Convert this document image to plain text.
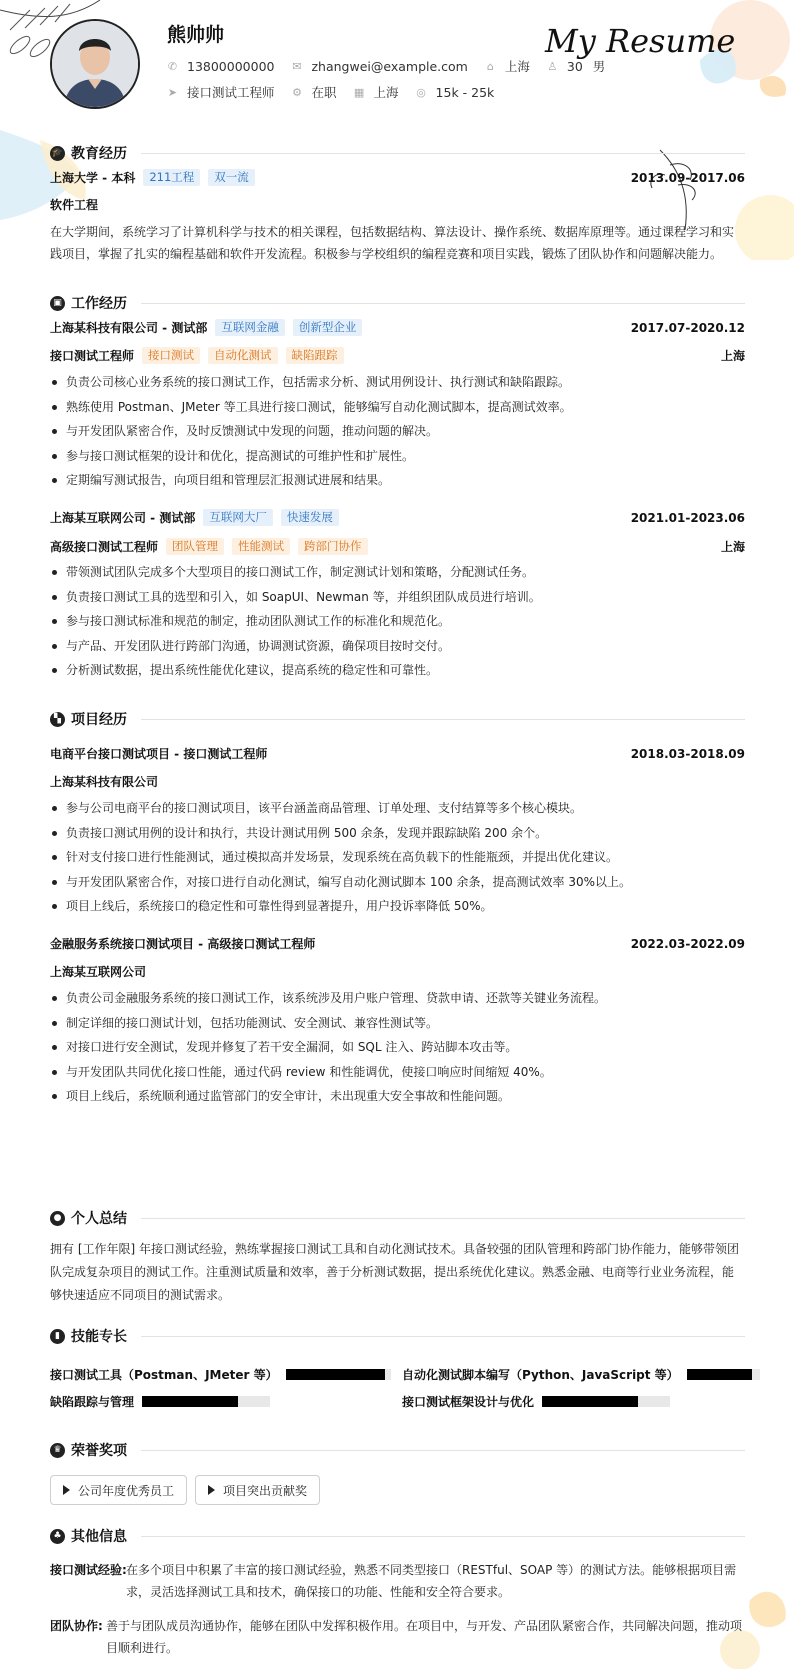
熊帅帅	My Resume
✆ 13800000000 ✉ zhangwei@example.com ⌂ 上海 ♙ 30 男
➤ 接口测试工程师 ⚙ 在职 ▦ 上海 ◎ 15k - 25k
🎓 教育经历
上海大学 - 本科	211工程	双一流	2013.09-2017.06
软件工程
在大学期间，系统学习了计算机科学与技术的相关课程，包括数据结构、算法设计、操作系统、数据库原理等。通过课程学习和实践项目，掌握了扎实的编程基础和软件开发流程。积极参与学校组织的编程竞赛和项目实践，锻炼了团队协作和问题解决能力。
▣ 工作经历
上海某科技有限公司 - 测试部	互联网金融	创新型企业	2017.07-2020.12
接口测试工程师	接口测试	自动化测试	缺陷跟踪	上海
负责公司核心业务系统的接口测试工作，包括需求分析、测试用例设计、执行测试和缺陷跟踪。
熟练使用 Postman、JMeter 等工具进行接口测试，能够编写自动化测试脚本，提高测试效率。
与开发团队紧密合作，及时反馈测试中发现的问题，推动问题的解决。
参与接口测试框架的设计和优化，提高测试的可维护性和扩展性。
定期编写测试报告，向项目组和管理层汇报测试进展和结果。
上海某互联网公司 - 测试部	互联网大厂	快速发展	2021.01-2023.06
高级接口测试工程师	团队管理	性能测试	跨部门协作	上海
带领测试团队完成多个大型项目的接口测试工作，制定测试计划和策略，分配测试任务。
负责接口测试工具的选型和引入，如 SoapUI、Newman 等，并组织团队成员进行培训。
参与接口测试标准和规范的制定，推动团队测试工作的标准化和规范化。
与产品、开发团队进行跨部门沟通，协调测试资源，确保项目按时交付。
分析测试数据，提出系统性能优化建议，提高系统的稳定性和可靠性。
▚ 项目经历
电商平台接口测试项目 - 接口测试工程师	2018.03-2018.09
上海某科技有限公司
参与公司电商平台的接口测试项目，该平台涵盖商品管理、订单处理、支付结算等多个核心模块。
负责接口测试用例的设计和执行，共设计测试用例 500 余条，发现并跟踪缺陷 200 余个。
针对支付接口进行性能测试，通过模拟高并发场景，发现系统在高负载下的性能瓶颈，并提出优化建议。
与开发团队紧密合作，对接口进行自动化测试，编写自动化测试脚本 100 余条，提高测试效率 30%以上。
项目上线后，系统接口的稳定性和可靠性得到显著提升，用户投诉率降低 50%。
金融服务系统接口测试项目 - 高级接口测试工程师	2022.03-2022.09
上海某互联网公司
负责公司金融服务系统的接口测试工作，该系统涉及用户账户管理、贷款申请、还款等关键业务流程。
制定详细的接口测试计划，包括功能测试、安全测试、兼容性测试等。
对接口进行安全测试，发现并修复了若干安全漏洞，如 SQL 注入、跨站脚本攻击等。
与开发团队共同优化接口性能，通过代码 review 和性能调优，使接口响应时间缩短 40%。
项目上线后，系统顺利通过监管部门的安全审计，未出现重大安全事故和性能问题。
● 个人总结
拥有 [工作年限] 年接口测试经验，熟练掌握接口测试工具和自动化测试技术。具备较强的团队管理和跨部门协作能力，能够带领团队完成复杂项目的测试工作。注重测试质量和效率，善于分析测试数据，提出系统优化建议。熟悉金融、电商等行业业务流程，能够快速适应不同项目的测试需求。
▮ 技能专长
接口测试工具（Postman、JMeter 等）	自动化测试脚本编写（Python、JavaScript 等）
缺陷跟踪与管理	接口测试框架设计与优化
♛ 荣誉奖项
公司年度优秀员工	项目突出贡献奖
♣ 其他信息
接口测试经验: 在多个项目中积累了丰富的接口测试经验，熟悉不同类型接口（RESTful、SOAP 等）的测试方法。能够根据项目需求，灵活选择测试工具和技术，确保接口的功能、性能和安全符合要求。
团队协作: 善于与团队成员沟通协作，能够在团队中发挥积极作用。在项目中，与开发、产品团队紧密合作，共同解决问题，推动项目顺利进行。
